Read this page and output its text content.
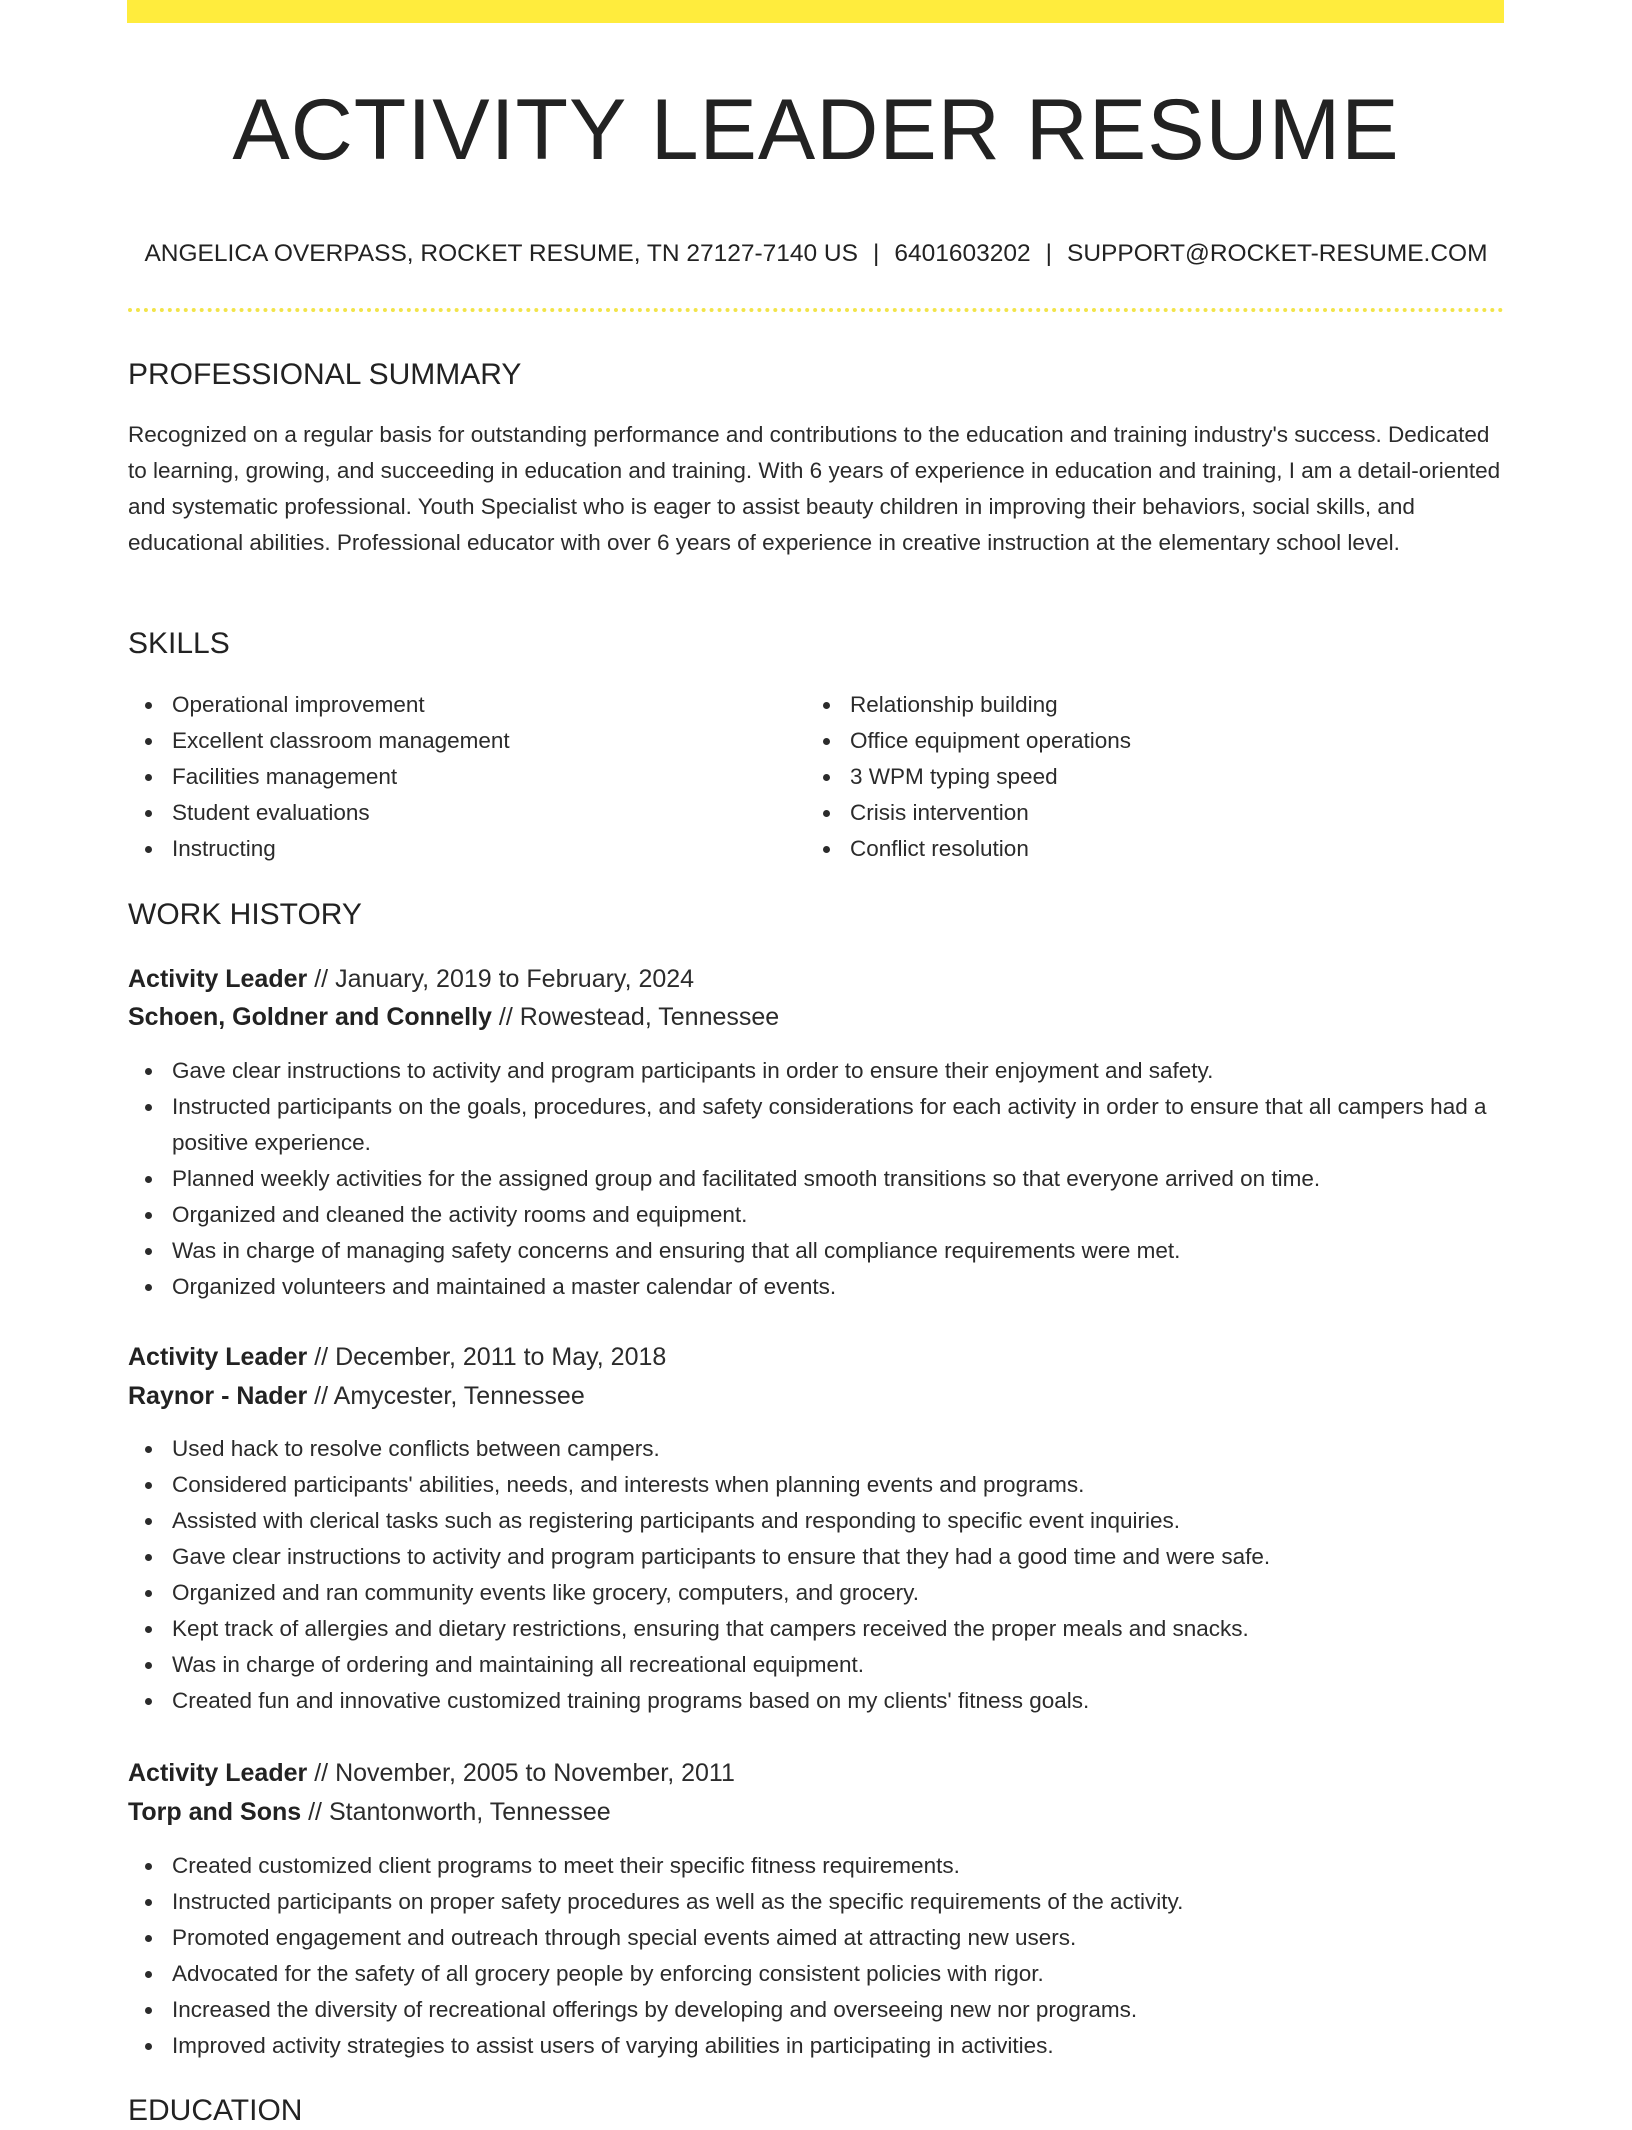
ACTIVITY LEADER RESUME
ANGELICA OVERPASS, ROCKET RESUME, TN 27127-7140 US | 6401603202 | SUPPORT@ROCKET-RESUME.COM
PROFESSIONAL SUMMARY

Recognized on a regular basis for outstanding performance and contributions to the education and training industry's success. Dedicated to learning, growing, and succeeding in education and training. With 6 years of experience in education and training, I am a detail-oriented and systematic professional. Youth Specialist who is eager to assist beauty children in improving their behaviors, social skills, and educational abilities. Professional educator with over 6 years of experience in creative instruction at the elementary school level.

SKILLS
Operational improvement
Excellent classroom management
Facilities management
Student evaluations
Instructing
Relationship building
Office equipment operations
3 WPM typing speed
Crisis intervention
Conflict resolution
WORK HISTORY
Activity Leader // January, 2019 to February, 2024
Schoen, Goldner and Connelly // Rowestead, Tennessee
Gave clear instructions to activity and program participants in order to ensure their enjoyment and safety.
Instructed participants on the goals, procedures, and safety considerations for each activity in order to ensure that all campers had a positive experience.
Planned weekly activities for the assigned group and facilitated smooth transitions so that everyone arrived on time.
Organized and cleaned the activity rooms and equipment.
Was in charge of managing safety concerns and ensuring that all compliance requirements were met.
Organized volunteers and maintained a master calendar of events.
Activity Leader // December, 2011 to May, 2018
Raynor - Nader // Amycester, Tennessee
Used hack to resolve conflicts between campers.
Considered participants' abilities, needs, and interests when planning events and programs.
Assisted with clerical tasks such as registering participants and responding to specific event inquiries.
Gave clear instructions to activity and program participants to ensure that they had a good time and were safe.
Organized and ran community events like grocery, computers, and grocery.
Kept track of allergies and dietary restrictions, ensuring that campers received the proper meals and snacks.
Was in charge of ordering and maintaining all recreational equipment.
Created fun and innovative customized training programs based on my clients' fitness goals.
Activity Leader // November, 2005 to November, 2011
Torp and Sons // Stantonworth, Tennessee
Created customized client programs to meet their specific fitness requirements.
Instructed participants on proper safety procedures as well as the specific requirements of the activity.
Promoted engagement and outreach through special events aimed at attracting new users.
Advocated for the safety of all grocery people by enforcing consistent policies with rigor.
Increased the diversity of recreational offerings by developing and overseeing new nor programs.
Improved activity strategies to assist users of varying abilities in participating in activities.
EDUCATION
